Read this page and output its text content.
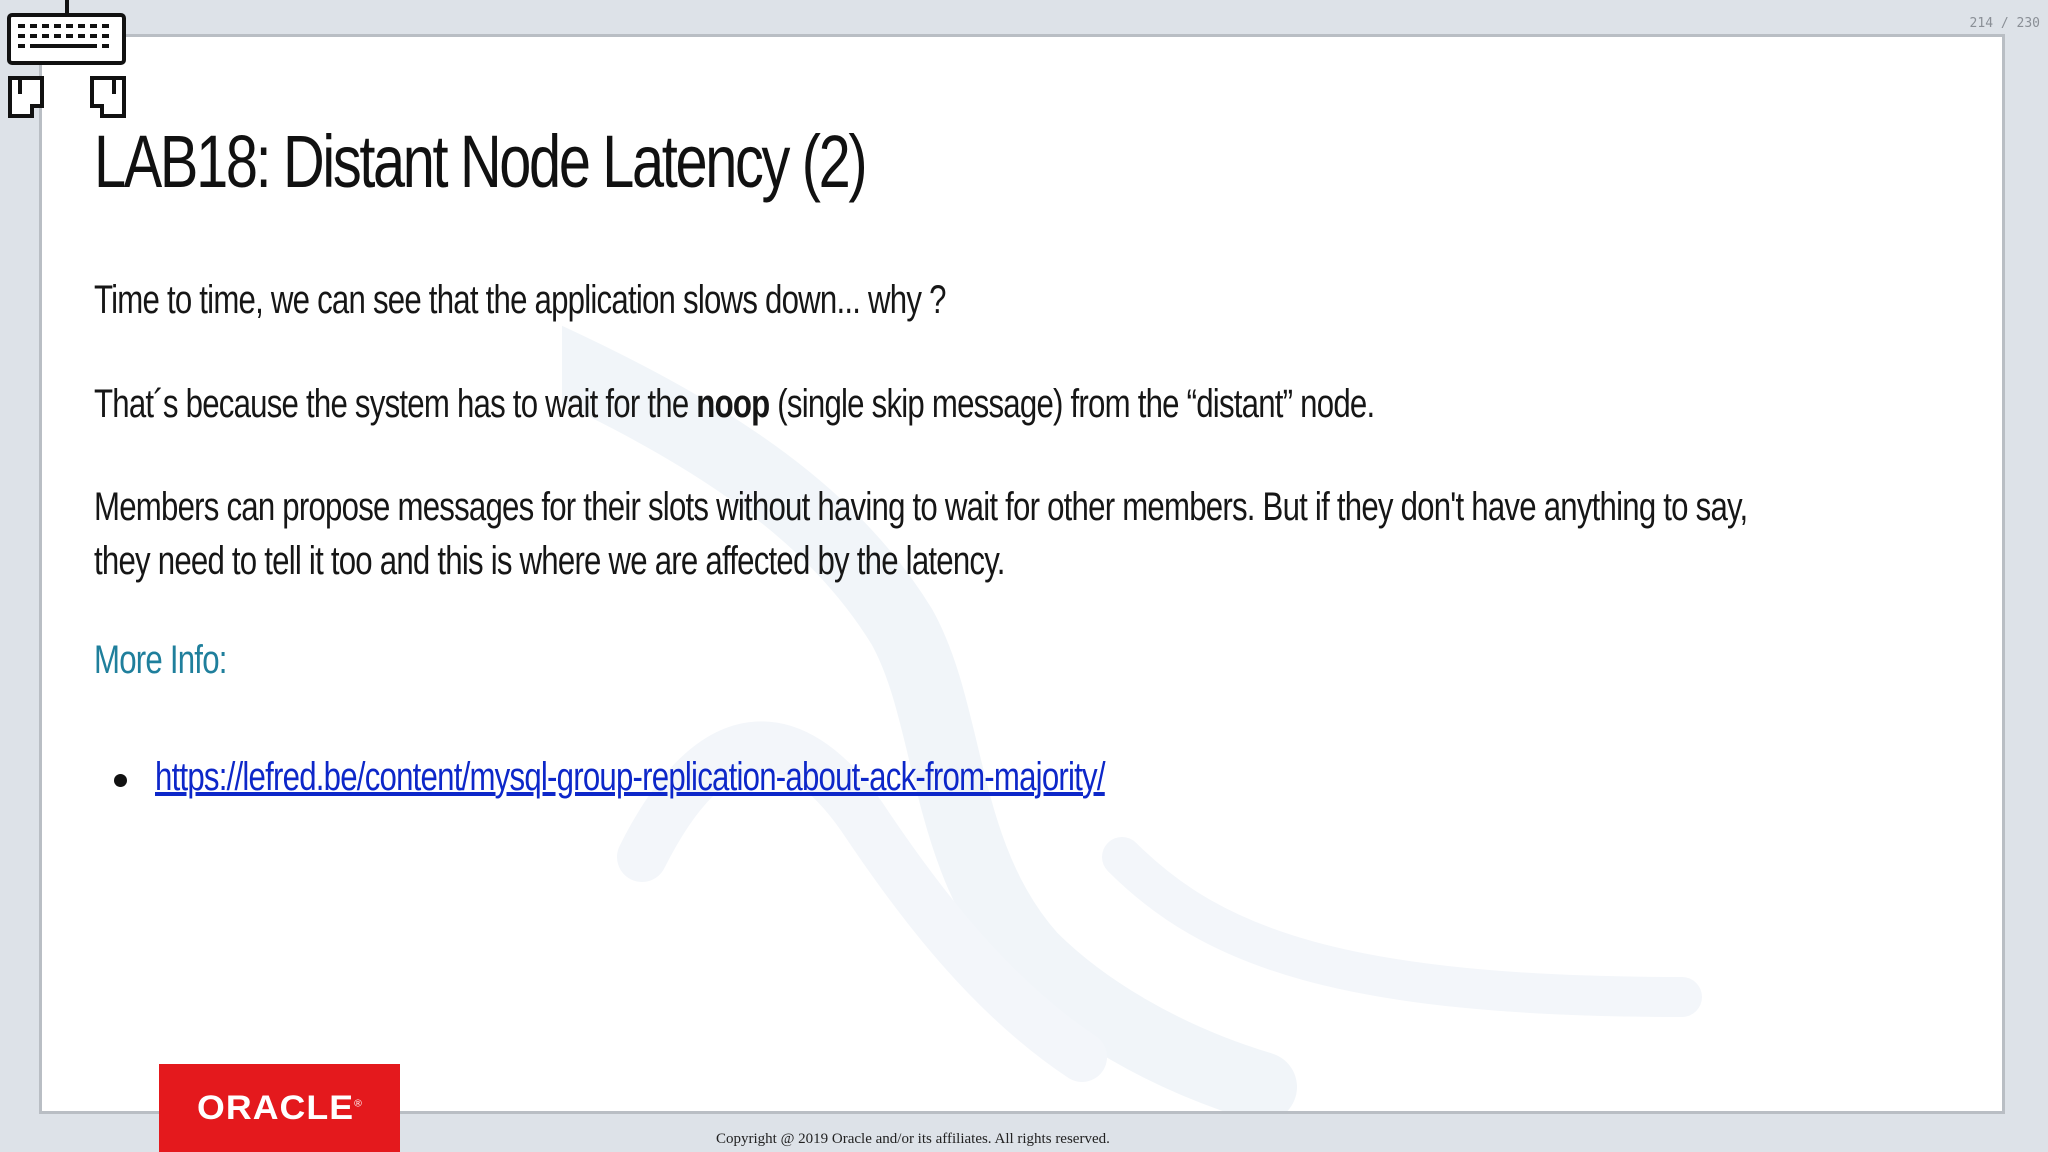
214 / 230
LAB18: Distant Node Latency (2)

Time to time, we can see that the application slows down... why ?

That´s because the system has to wait for the noop (single skip message) from the “distant” node.

Members can propose messages for their slots without having to wait for other members. But if they don't have anything to say,
they need to tell it too and this is where we are affected by the latency.
More Info:
https://lefred.be/content/mysql-group-replication-about-ack-from-majority/
ORACLE®
Copyright @ 2019 Oracle and/or its affiliates. All rights reserved.
